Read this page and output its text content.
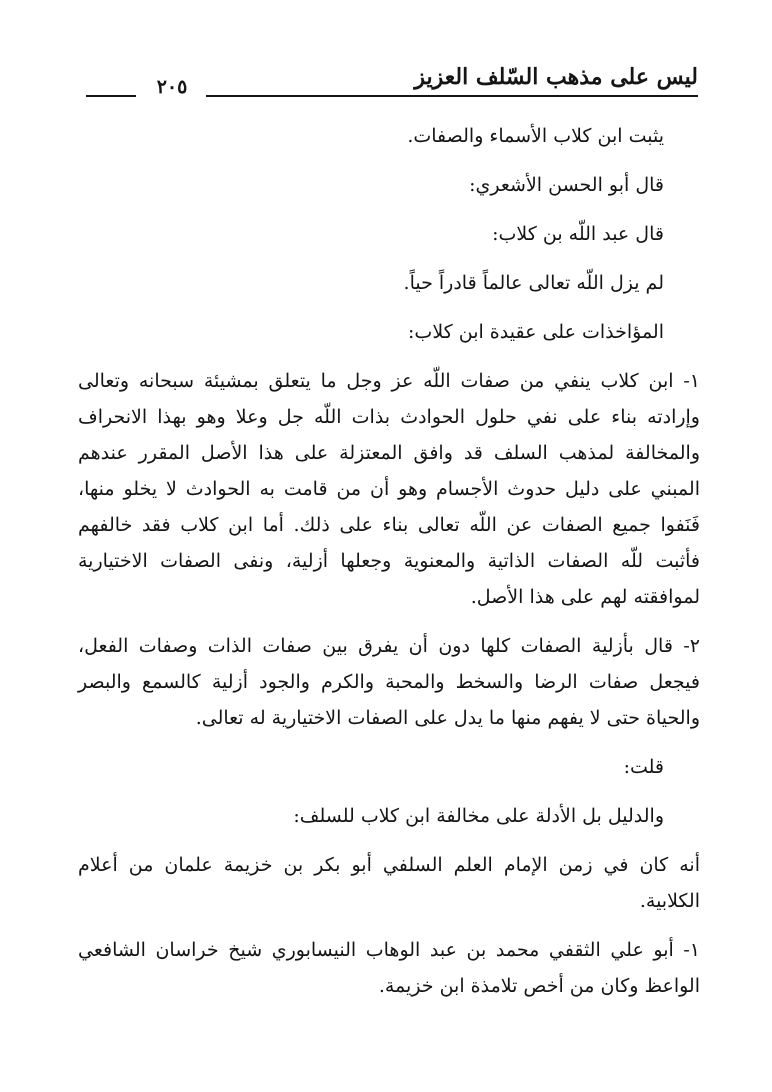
ليس على مذهب السّلف العزيز
٢٠٥

يثبت ابن كلاب الأسماء والصفات.

قال أبو الحسن الأشعري:

قال عبد اللّه بن كلاب:

لم يزل اللّه تعالى عالماً قادراً حياً.

المؤاخذات على عقيدة ابن كلاب:

١- ابن كلاب ينفي من صفات اللّه عز وجل ما يتعلق بمشيئة سبحانه وتعالى وإرادته بناء على نفي حلول الحوادث بذات اللّه جل وعلا وهو بهذا الانحراف والمخالفة لمذهب السلف قد وافق المعتزلة على هذا الأصل المقرر عندهم المبني على دليل حدوث الأجسام وهو أن من قامت به الحوادث لا يخلو منها، فَنَفوا جميع الصفات عن اللّه تعالى بناء على ذلك. أما ابن كلاب فقد خالفهم فأثبت للّه الصفات الذاتية والمعنوية وجعلها أزلية، ونفى الصفات الاختيارية لموافقته لهم على هذا الأصل.

٢- قال بأزلية الصفات كلها دون أن يفرق بين صفات الذات وصفات الفعل، فيجعل صفات الرضا والسخط والمحبة والكرم والجود أزلية كالسمع والبصر والحياة حتى لا يفهم منها ما يدل على الصفات الاختيارية له تعالى.

قلت:

والدليل بل الأدلة على مخالفة ابن كلاب للسلف:

أنه كان في زمن الإمام العلم السلفي أبو بكر بن خزيمة علمان من أعلام الكلابية.

١- أبو علي الثقفي محمد بن عبد الوهاب النيسابوري شيخ خراسان الشافعي الواعظ وكان من أخص تلامذة ابن خزيمة.
